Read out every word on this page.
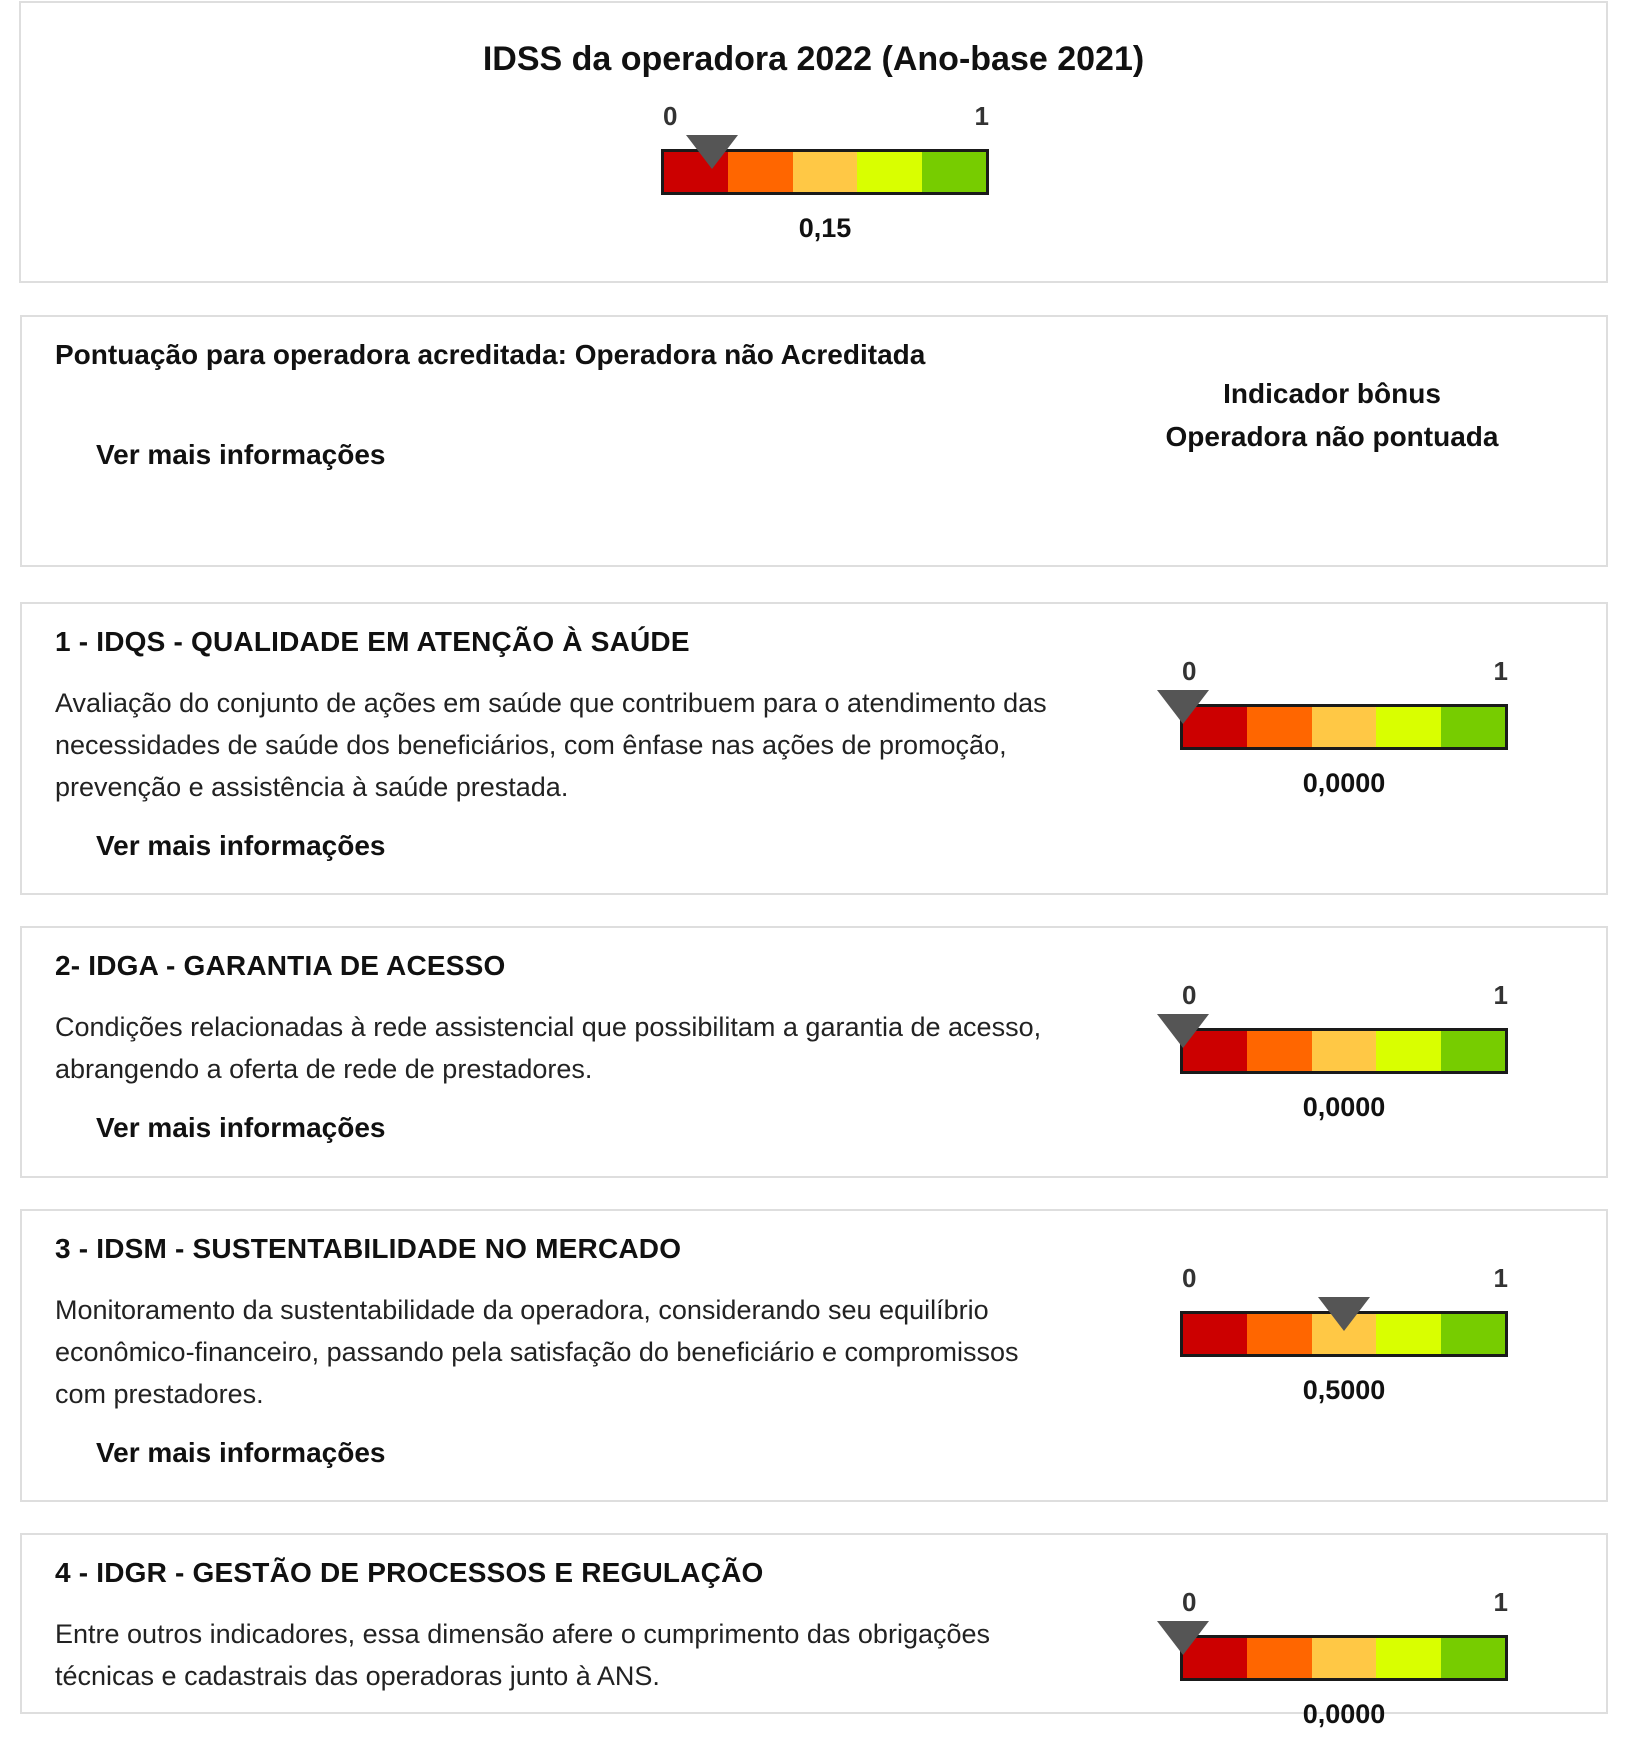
IDSS da operadora 2022 (Ano-base 2021)
0	1
0,15
Pontuação para operadora acreditada: Operadora não Acreditada
Ver mais informações
Indicador bônus
Operadora não pontuada
1 - IDQS - QUALIDADE EM ATENÇÃO À SAÚDE
Avaliação do conjunto de ações em saúde que contribuem para o atendimento das necessidades de saúde dos beneficiários, com ênfase nas ações de promoção, prevenção e assistência à saúde prestada.
Ver mais informações
0	1
0,0000
2- IDGA - GARANTIA DE ACESSO
Condições relacionadas à rede assistencial que possibilitam a garantia de acesso, abrangendo a oferta de rede de prestadores.
Ver mais informações
0	1
0,0000
3 - IDSM - SUSTENTABILIDADE NO MERCADO
Monitoramento da sustentabilidade da operadora, considerando seu equilíbrio econômico-financeiro, passando pela satisfação do beneficiário e compromissos com prestadores.
Ver mais informações
0	1
0,5000
4 - IDGR - GESTÃO DE PROCESSOS E REGULAÇÃO
Entre outros indicadores, essa dimensão afere o cumprimento das obrigações técnicas e cadastrais das operadoras junto à ANS.
0	1
0,0000
